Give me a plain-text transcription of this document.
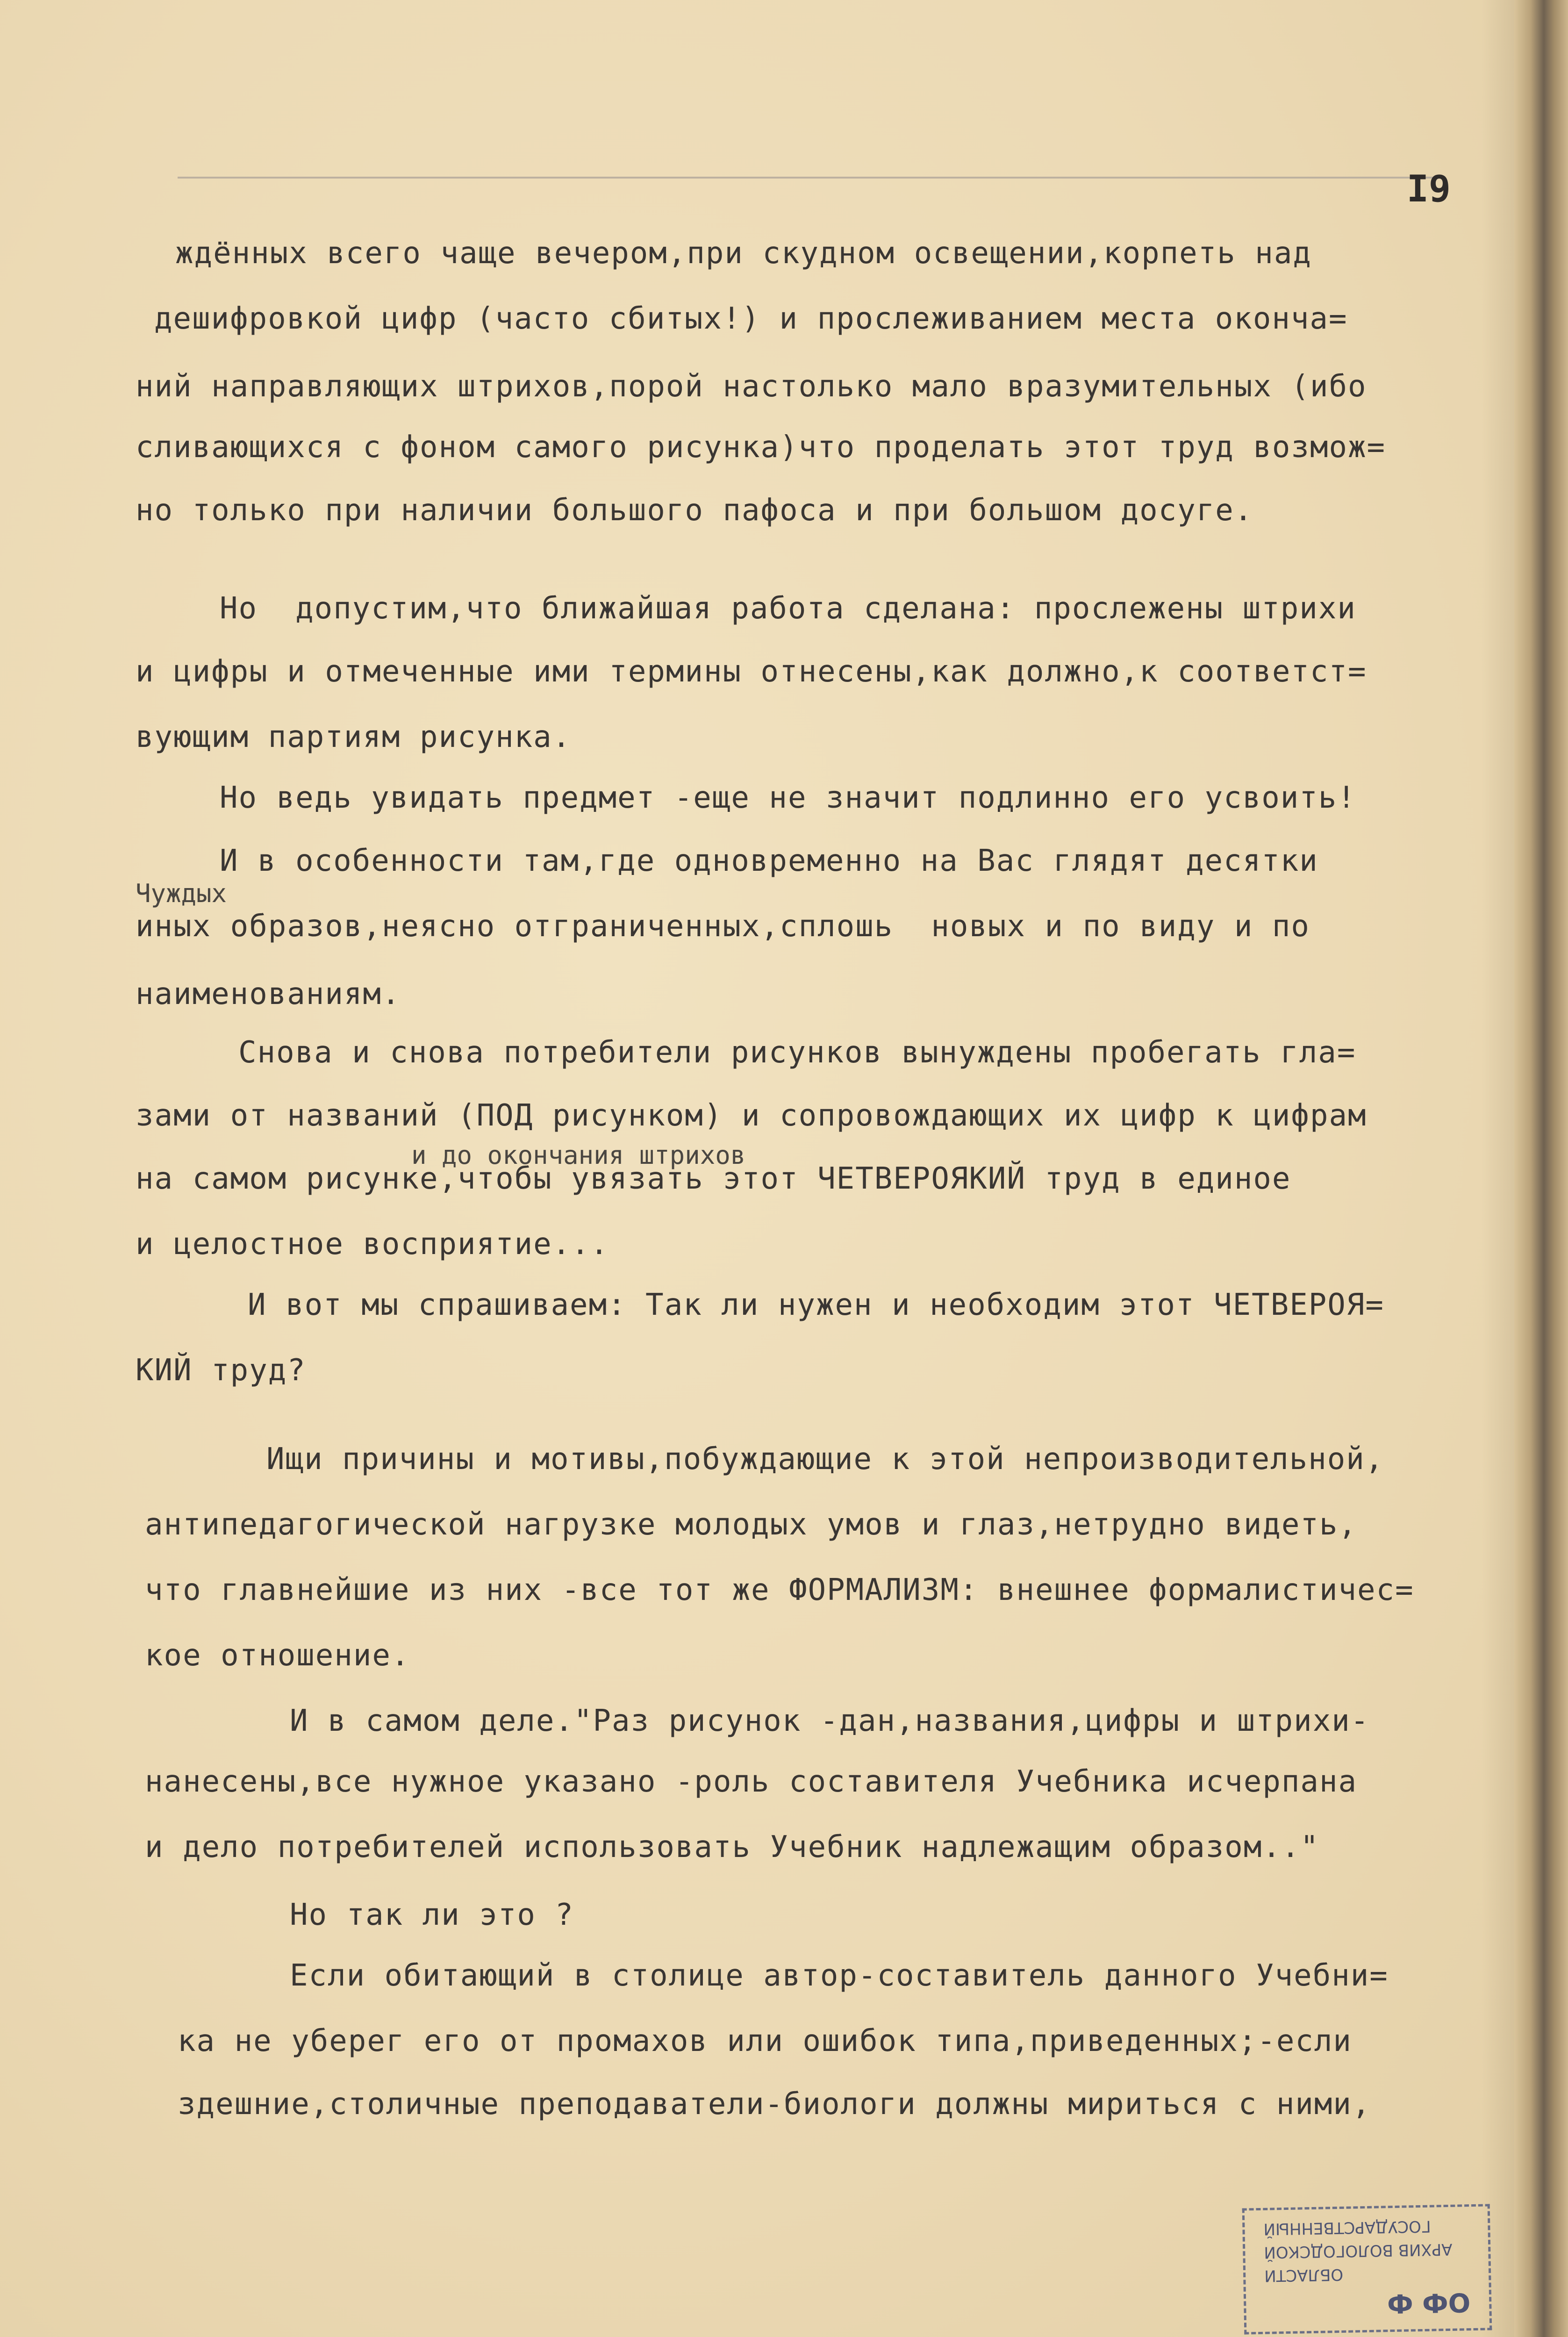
I9
ждённых всего чаще вечером,при скудном освещении,корпеть над
дешифровкой цифр (часто сбитых!) и прослеживанием места окончa=
ний направляющих штрихов,порой настолько мало вразумительных (ибо
сливающихся с фоном самого рисунка)что проделать этот труд возмож=
но только при наличии большого пафоса и при большом досуге.
Но  допустим,что ближайшая работа сделана: прослежены штрихи
и цифры и отмеченные ими термины отнесены,как должно,к соответст=
вующим партиям рисунка.
Но ведь увидать предмет -еще не значит подлинно его усвоить!
И в особенности там,где одновременно на Вас глядят десятки
Чуждых
иных образов,неясно отграниченных,сплошь  новых и по виду и по
наименованиям.
Снова и снова потребители рисунков вынуждены пробегать гла=
зами от названий (ПОД рисунком) и сопровождающих их цифр к цифрам
и до окончания штрихов
на самом рисунке,чтобы увязать этот ЧЕТВЕРОЯКИЙ труд в единое
и целостное восприятие...
И вот мы спрашиваем: Так ли нужен и необходим этот ЧЕТВЕРОЯ=
КИЙ труд?
Ищи причины и мотивы,побуждающие к этой непроизводительной,
антипедагогической нагрузке молодых умов и глаз,нетрудно видеть,
что главнейшие из них -все тот же ФОРМАЛИЗМ: внешнее формалистичес=
кое отношение.
И в самом деле."Раз рисунок -дан,названия,цифры и штрихи-
нанесены,все нужное указано -роль составителя Учебника исчерпана
и дело потребителей использовать Учебник надлежащим образом.."
Но так ли это ?
Если обитающий в столице автор-составитель данного Учебни=
ка не уберег его от промахов или ошибок типа,приведенных;-если
здешние,столичные преподаватели-биологи должны мириться с ними,
ГОСУДАРСТВЕННЫЙ
АРХИВ ВОЛОГОДСКОЙ
ОБЛАСТИ
Ф ФО
